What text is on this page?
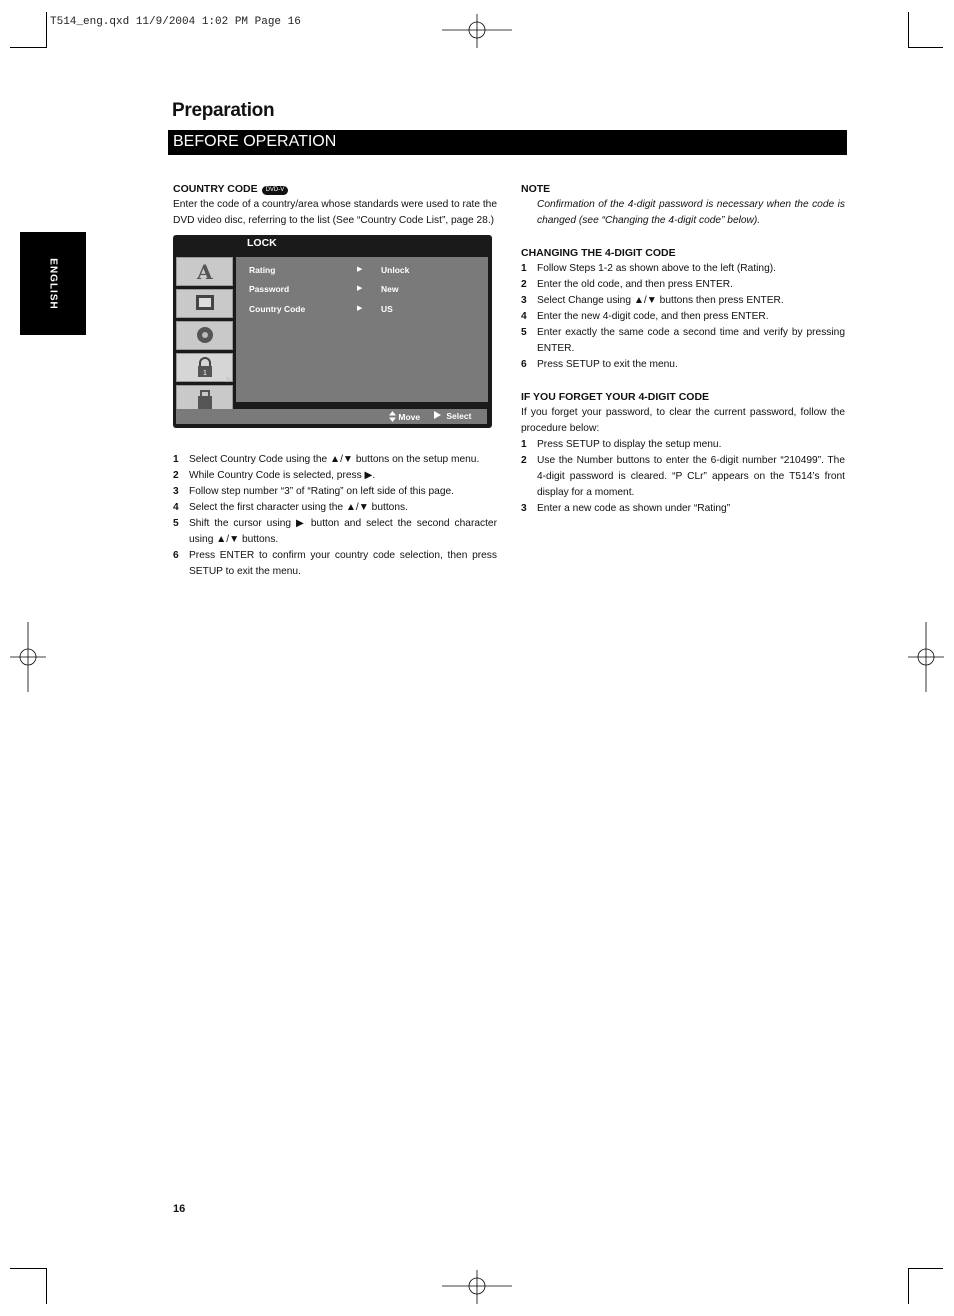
T514_eng.qxd 11/9/2004 1:02 PM Page 16
Preparation
BEFORE OPERATION
ENGLISH
COUNTRY CODE DVD-V

Enter the code of a country/area whose standards were used to rate the DVD video disc, referring to the list (See “Country Code List”, page 28.)

LOCK
A
1
▶
Rating	▶ Unlock
Password	▶ New
Country Code	▶ US
Move	Select
1 Select Country Code using the ▲/▼ buttons on the setup menu.
2 While Country Code is selected, press ▶.
3 Follow step number “3” of “Rating” on left side of this page.
4 Select the first character using the ▲/▼ buttons.
5 Shift the cursor using ▶ button and select the second character using ▲/▼ buttons.
6 Press ENTER to confirm your country code selection, then press SETUP to exit the menu.
NOTE

Confirmation of the 4-digit password is necessary when the code is changed (see “Changing the 4-digit code” below).

CHANGING THE 4-DIGIT CODE
1 Follow Steps 1-2 as shown above to the left (Rating).
2 Enter the old code, and then press ENTER.
3 Select Change using ▲/▼ buttons then press ENTER.
4 Enter the new 4-digit code, and then press ENTER.
5 Enter exactly the same code a second time and verify by pressing ENTER.
6 Press SETUP to exit the menu.
IF YOU FORGET YOUR 4-DIGIT CODE

If you forget your password, to clear the current password, follow the procedure below:

1 Press SETUP to display the setup menu.
2 Use the Number buttons to enter the 6-digit number “210499”. The 4-digit password is cleared. “P CLr” appears on the T514’s front display for a moment.
3 Enter a new code as shown under “Rating”
16
